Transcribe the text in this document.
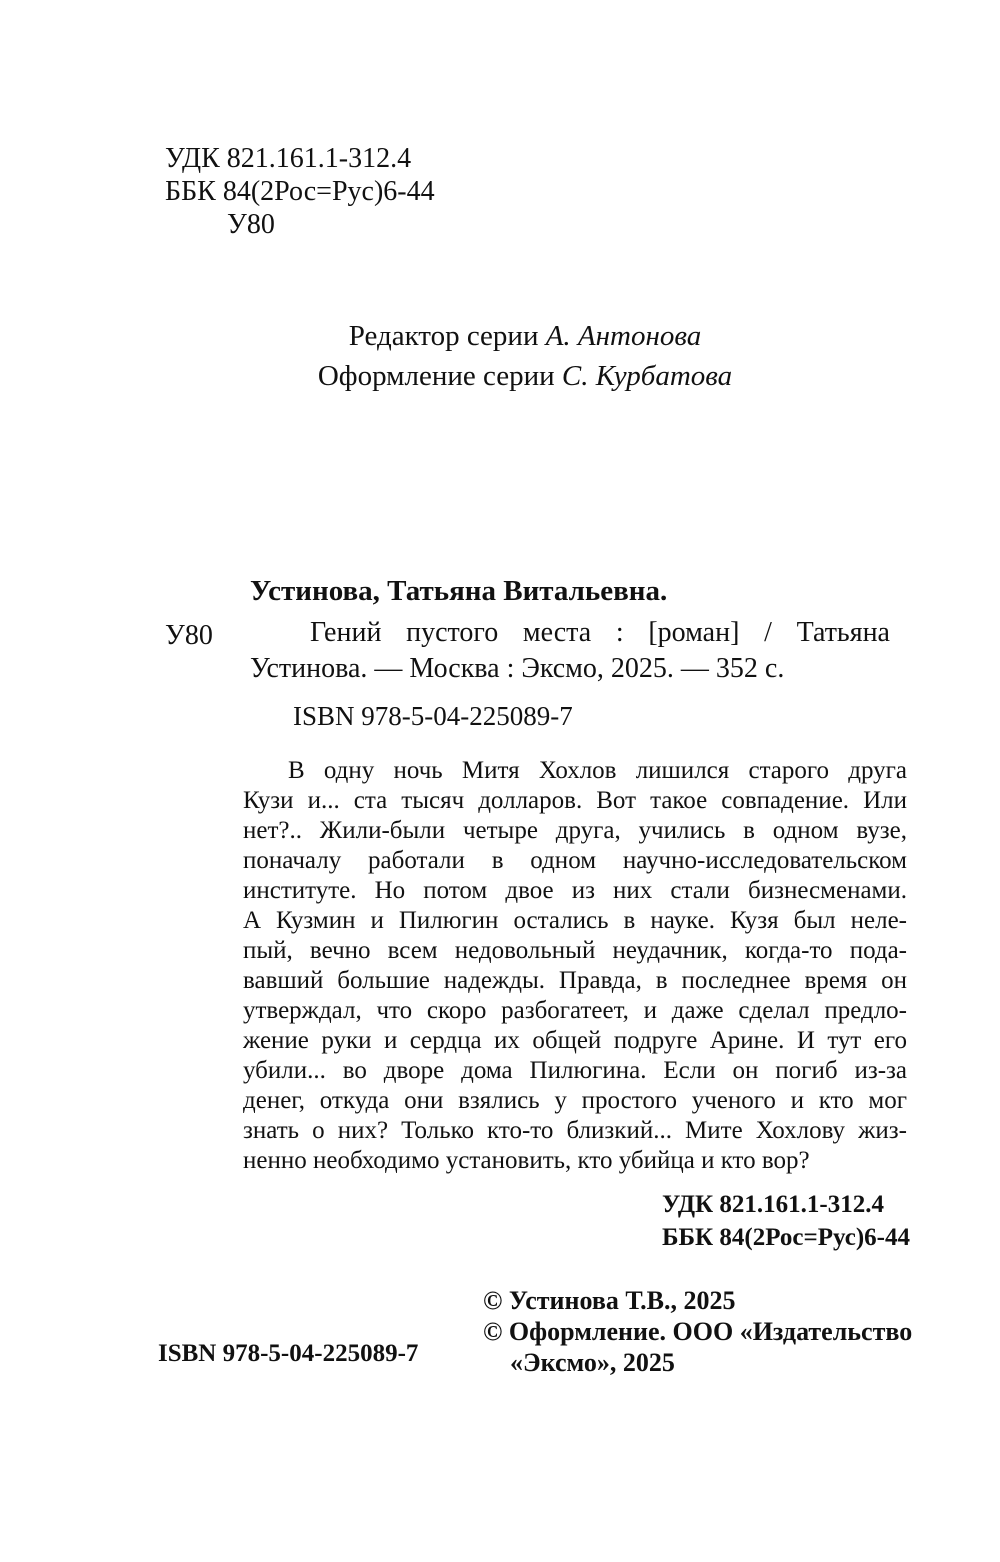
УДК 821.161.1-312.4
ББК 84(2Рос=Рус)6-44
У80
Редактор серии А. Антонова
Оформление серии С. Курбатова
У80
Устинова, Татьяна Витальевна.
Гений пустого места : [роман] / Татьяна
Устинова. — Москва : Эксмо, 2025. — 352 с.
ISBN 978-5-04-225089-7
В одну ночь Митя Хохлов лишился старого друга
Кузи и... ста тысяч долларов. Вот такое совпадение. Или
нет?.. Жили-были четыре друга, учились в одном вузе,
поначалу работали в одном научно-исследовательском
институте. Но потом двое из них стали бизнесменами.
А Кузмин и Пилюгин остались в науке. Кузя был неле-
пый, вечно всем недовольный неудачник, когда-то пода-
вавший большие надежды. Правда, в последнее время он
утверждал, что скоро разбогатеет, и даже сделал предло-
жение руки и сердца их общей подруге Арине. И тут его
убили... во дворе дома Пилюгина. Если он погиб из-за
денег, откуда они взялись у простого ученого и кто мог
знать о них? Только кто-то близкий... Мите Хохлову жиз-
ненно необходимо установить, кто убийца и кто вор?
УДК 821.161.1-312.4
ББК 84(2Рос=Рус)6-44
© Устинова Т.В., 2025
© Оформление. ООО «Издательство
«Эксмо», 2025
ISBN 978-5-04-225089-7
